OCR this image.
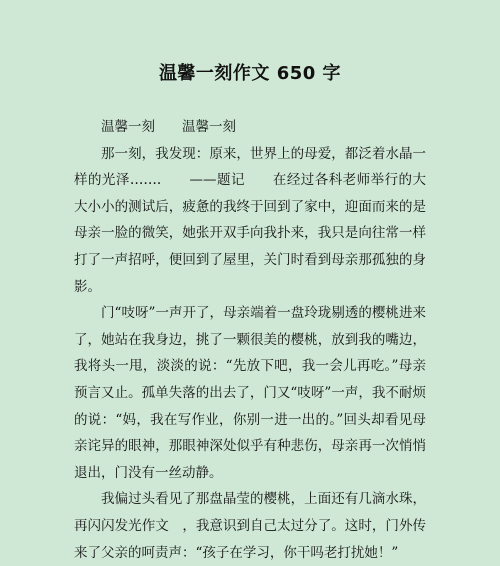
温馨一刻作文 650 字

温馨一刻　　温馨一刻

那一刻，我发现：原来，世界上的母爱，都泛着水晶一样的光泽…….　　——题记　　在经过各科老师举行的大大小小的测试后，疲惫的我终于回到了家中，迎面而来的是母亲一脸的微笑，她张开双手向我扑来，我只是向往常一样打了一声招呼，便回到了屋里，关门时看到母亲那孤独的身影。

门“吱呀”一声开了，母亲端着一盘玲珑剔透的樱桃进来了，她站在我身边，挑了一颗很美的樱桃，放到我的嘴边，我将头一甩，淡淡的说：“先放下吧，我一会儿再吃。”母亲预言又止。孤单失落的出去了，门又“吱呀”一声，我不耐烦的说：“妈，我在写作业，你别一进一出的。”回头却看见母亲诧异的眼神，那眼神深处似乎有种悲伤，母亲再一次悄悄退出，门没有一丝动静。

我偏过头看见了那盘晶莹的樱桃，上面还有几滴水珠，再闪闪发光作文　，我意识到自己太过分了。这时，门外传来了父亲的呵责声：“孩子在学习，你干吗老打扰她！”
